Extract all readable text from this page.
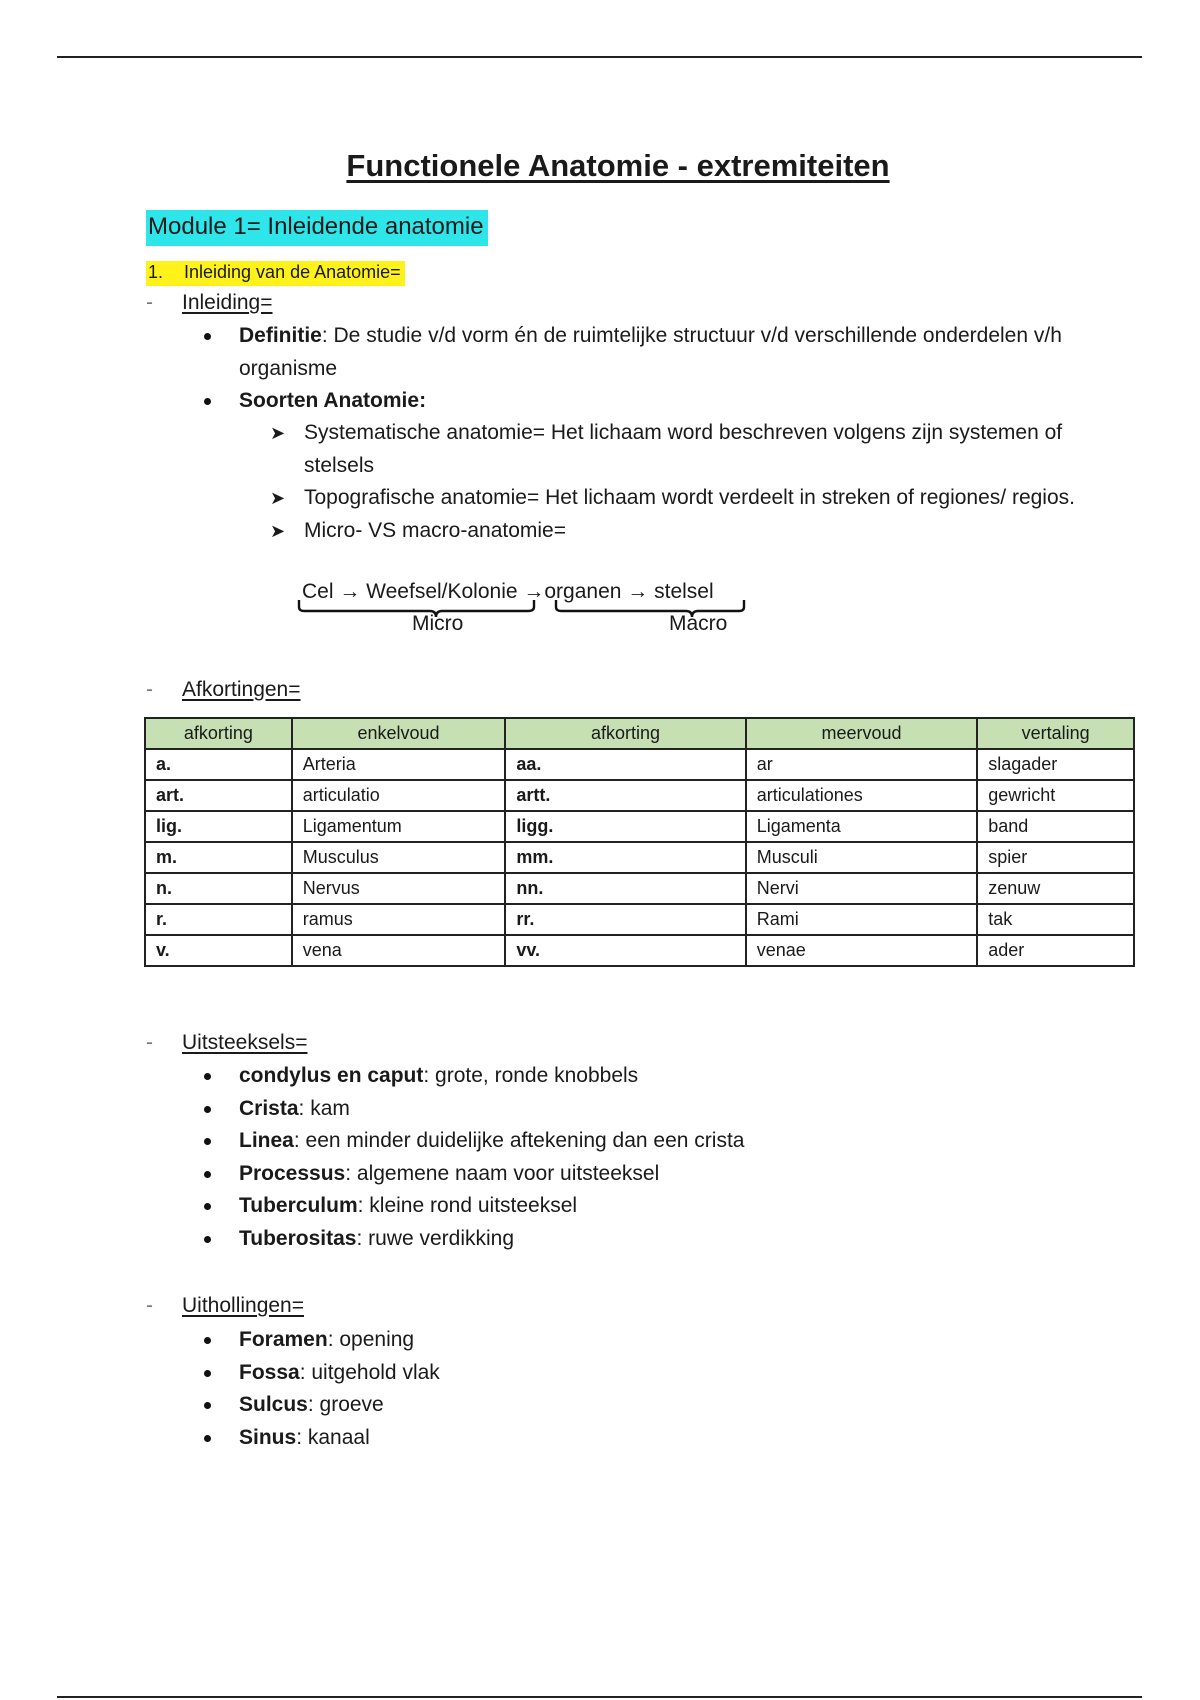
Functionele Anatomie - extremiteiten
Module 1= Inleidende anatomie
1. Inleiding van de Anatomie=
- Inleiding=
Definitie: De studie v/d vorm én de ruimtelijke structuur v/d verschillende onderdelen v/h organisme
Soorten Anatomie:
➤ Systematische anatomie= Het lichaam word beschreven volgens zijn systemen of stelsels
➤ Topografische anatomie= Het lichaam wordt verdeelt in streken of regiones/ regios.
➤ Micro- VS macro-anatomie=
Cel → Weefsel/Kolonie →organen → stelsel
Micro	Macro
- Afkortingen=
afkorting	enkelvoud	afkorting	meervoud	vertaling
a.	Arteria	aa.	ar	slagader
art.	articulatio	artt.	articulationes	gewricht
lig.	Ligamentum	ligg.	Ligamenta	band
m.	Musculus	mm.	Musculi	spier
n.	Nervus	nn.	Nervi	zenuw
r.	ramus	rr.	Rami	tak
v.	vena	vv.	venae	ader
- Uitsteeksels=
condylus en caput: grote, ronde knobbels
Crista: kam
Linea: een minder duidelijke aftekening dan een crista
Processus: algemene naam voor uitsteeksel
Tuberculum: kleine rond uitsteeksel
Tuberositas: ruwe verdikking
- Uithollingen=
Foramen: opening
Fossa: uitgehold vlak
Sulcus: groeve
Sinus: kanaal
